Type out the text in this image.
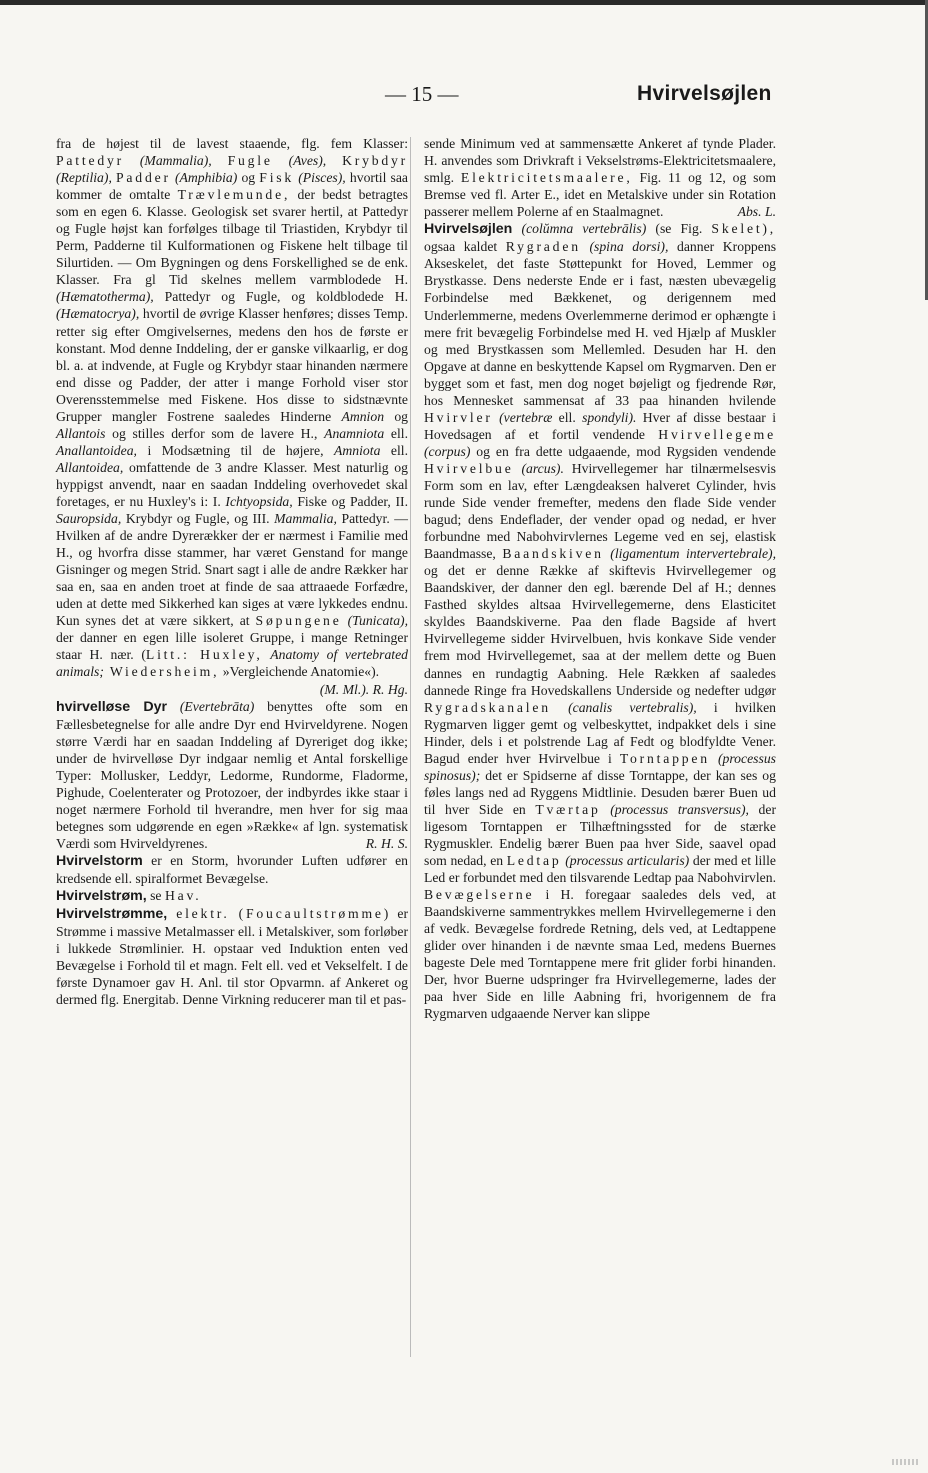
— 15 —	Hvirvelsøjlen

fra de højest til de lavest staaende, flg. fem Klasser: Pattedyr (Mammalia), Fugle (Aves), Krybdyr (Reptilia), Padder (Amphibia) og Fisk (Pisces), hvortil saa kommer de omtalte Trævlemunde, der bedst betragtes som en egen 6. Klasse. Geologisk set svarer hertil, at Pattedyr og Fugle højst kan forfølges tilbage til Triastiden, Krybdyr til Perm, Padderne til Kulformationen og Fiskene helt tilbage til Silurtiden. — Om Bygningen og dens Forskellighed se de enk. Klasser. Fra gl Tid skelnes mellem varmblodede H. (Hæmatotherma), Pattedyr og Fugle, og koldblodede H. (Hæmatocrya), hvortil de øvrige Klasser henføres; disses Temp. retter sig efter Omgivelsernes, medens den hos de første er konstant. Mod denne Inddeling, der er ganske vilkaarlig, er dog bl. a. at indvende, at Fugle og Krybdyr staar hinanden nærmere end disse og Padder, der atter i mange Forhold viser stor Overensstemmelse med Fiskene. Hos disse to sidstnævnte Grupper mangler Fostrene saaledes Hinderne Amnion og Allantois og stilles derfor som de lavere H., Anamniota ell. Anallantoidea, i Modsætning til de højere, Amniota ell. Allantoidea, omfattende de 3 andre Klasser. Mest naturlig og hyppigst anvendt, naar en saadan Inddeling overhovedet skal foretages, er nu Huxley's i: I. Ichtyopsida, Fiske og Padder, II. Sauropsida, Krybdyr og Fugle, og III. Mammalia, Pattedyr. — Hvilken af de andre Dyrerækker der er nærmest i Familie med H., og hvorfra disse stammer, har været Genstand for mange Gisninger og megen Strid. Snart sagt i alle de andre Rækker har saa en, saa en anden troet at finde de saa attraaede Forfædre, uden at dette med Sikkerhed kan siges at være lykkedes endnu. Kun synes det at være sikkert, at Søpungene (Tunicata), der danner en egen lille isoleret Gruppe, i mange Retninger staar H. nær. (Litt.: Huxley, Anatomy of vertebrated animals; Wiedersheim, »Vergleichende Anatomie«).

(M. Ml.). R. Hg.

hvirvelløse Dyr (Evertebrāta) benyttes ofte som en Fællesbetegnelse for alle andre Dyr end Hvirveldyrene. Nogen større Værdi har en saadan Inddeling af Dyreriget dog ikke; under de hvirvelløse Dyr indgaar nemlig et Antal forskellige Typer: Mollusker, Leddyr, Ledorme, Rundorme, Fladorme, Pighude, Coelenterater og Protozoer, der indbyrdes ikke staar i noget nærmere Forhold til hverandre, men hver for sig maa betegnes som udgørende en egen »Række« af lgn. systematisk Værdi som Hvirveldyrenes.	R. H. S.

Hvirvelstorm er en Storm, hvorunder Luften udfører en kredsende ell. spiralformet Bevægelse.

Hvirvelstrøm, se Hav.

Hvirvelstrømme, elektr. (Foucaultstrømme) er Strømme i massive Metalmasser ell. i Metalskiver, som forløber i lukkede Strømlinier. H. opstaar ved Induktion enten ved Bevægelse i Forhold til et magn. Felt ell. ved et Vekselfelt. I de første Dynamoer gav H. Anl. til stor Opvarmn. af Ankeret og dermed flg. Energitab. Denne Virkning reducerer man til et pas-

sende Minimum ved at sammensætte Ankeret af tynde Plader. H. anvendes som Drivkraft i Vekselstrøms-Elektricitetsmaalere, smlg. Elektricitetsmaalere, Fig. 11 og 12, og som Bremse ved fl. Arter E., idet en Metalskive under sin Rotation passerer mellem Polerne af en Staalmagnet.	Abs. L.

Hvirvelsøjlen (colŭmna vertebrālis) (se Fig. Skelet), ogsaa kaldet Rygraden (spina dorsi), danner Kroppens Akseskelet, det faste Støttepunkt for Hoved, Lemmer og Brystkasse. Dens nederste Ende er i fast, næsten ubevægelig Forbindelse med Bækkenet, og derigennem med Underlemmerne, medens Overlemmerne derimod er ophængte i mere frit bevægelig Forbindelse med H. ved Hjælp af Muskler og med Brystkassen som Mellemled. Desuden har H. den Opgave at danne en beskyttende Kapsel om Rygmarven. Den er bygget som et fast, men dog noget bøjeligt og fjedrende Rør, hos Mennesket sammensat af 33 paa hinanden hvilende Hvirvler (vertebræ ell. spondyli). Hver af disse bestaar i Hovedsagen af et fortil vendende Hvirvellegeme (corpus) og en fra dette udgaaende, mod Rygsiden vendende Hvirvelbue (arcus). Hvirvellegemer har tilnærmelsesvis Form som en lav, efter Længdeaksen halveret Cylinder, hvis runde Side vender fremefter, medens den flade Side vender bagud; dens Endeflader, der vender opad og nedad, er hver forbundne med Nabohvirvlernes Legeme ved en sej, elastisk Baandmasse, Baandskiven (ligamentum intervertebrale), og det er denne Række af skiftevis Hvirvellegemer og Baandskiver, der danner den egl. bærende Del af H.; dennes Fasthed skyldes altsaa Hvirvellegemerne, dens Elasticitet skyldes Baandskiverne. Paa den flade Bagside af hvert Hvirvellegeme sidder Hvirvelbuen, hvis konkave Side vender frem mod Hvirvellegemet, saa at der mellem dette og Buen dannes en rundagtig Aabning. Hele Rækken af saaledes dannede Ringe fra Hovedskallens Underside og nedefter udgør Rygradskanalen (canalis vertebralis), i hvilken Rygmarven ligger gemt og velbeskyttet, indpakket dels i sine Hinder, dels i et polstrende Lag af Fedt og blodfyldte Vener. Bagud ender hver Hvirvelbue i Torntappen (processus spinosus); det er Spidserne af disse Torntappe, der kan ses og føles langs ned ad Ryggens Midtlinie. Desuden bærer Buen ud til hver Side en Tværtap (processus transversus), der ligesom Torntappen er Tilhæftningssted for de stærke Rygmuskler. Endelig bærer Buen paa hver Side, saavel opad som nedad, en Ledtap (processus articularis) der med et lille Led er forbundet med den tilsvarende Ledtap paa Nabohvirvlen. Bevægelserne i H. foregaar saaledes dels ved, at Baandskiverne sammentrykkes mellem Hvirvellegemerne i den af vedk. Bevægelse fordrede Retning, dels ved, at Ledtappene glider over hinanden i de nævnte smaa Led, medens Buernes bageste Dele med Torntappene mere frit glider forbi hinanden. Der, hvor Buerne udspringer fra Hvirvellegemerne, lades der paa hver Side en lille Aabning fri, hvorigennem de fra Rygmarven udgaaende Nerver kan slippe
